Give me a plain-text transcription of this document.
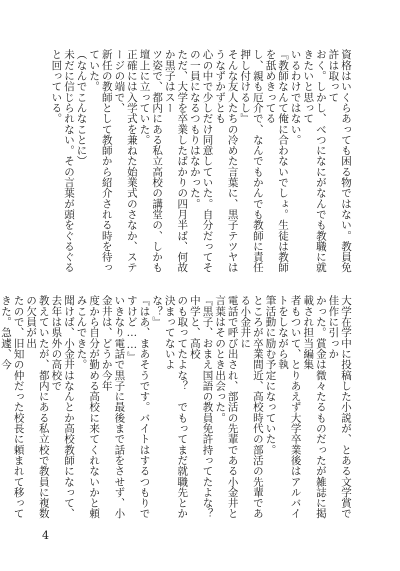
資格はいくらあっても困る物ではない。教員免許は取って
おく。しかし、べつになにがなんでも教職に就きたいと思って
いるわけではない。
『教師なんて俺に合わないでしょ。生徒は教師を舐めきってる
し、親も厄介で、なんでもかんでも教師に責任押し付けるし』
そんな友人たちの冷めた言葉に、黒子テツヤはうなずかずとも
心の中で少しだけ同意していた。自分だってその一員になるつもりはなかった。
ただ、大学を卒業したばかりの四月半ば、何故か黒子はスー
ツ姿で、都内にある私立高校の講堂の、しかも壇上に立っていた。
正確には入学式を兼ねた始業式のさなか、ステージの端で、
新任の教師として教師から紹介される時を待っていた。
（なんでこんなことに）
未だに信じられない。その言葉が頭をぐるぐると回っている。
大学在学中に投稿した小説が、とある文学賞で佳作に引っか
かった。賞金は微々たるものだったが雑誌に掲載され担当編集
者もついて、とりあえず大学卒業後はアルバイトをしながら執
筆活動に励む予定になっていた。
ところが卒業間近、高校時代の部活の先輩である小金井に
電話で呼び出され、部活の先輩である小金井と
言葉はそのとき出会った。
『黒子、おまえ国語の教員免許持ってたよな？　中学と、高校
のも取ってたよな？　でもってまだ就職先とか決まってないよ
な？』
『はあ、まあそうです。バイトはするつもりですけど……』
いきなり電話で黒子に最後まで話をさせず、小金井は、どうか今年
度から自分が勤める高校に来てくれないかと頼みこんできた。
聞けば、小金井はなんとか高校教師になって、去年は県外の高校で
教えていたが、都内にある私立校で教員に複数の欠員が出
たので、旧知の仲だった校長に頼まれて移ってきた。急遽、今

4
